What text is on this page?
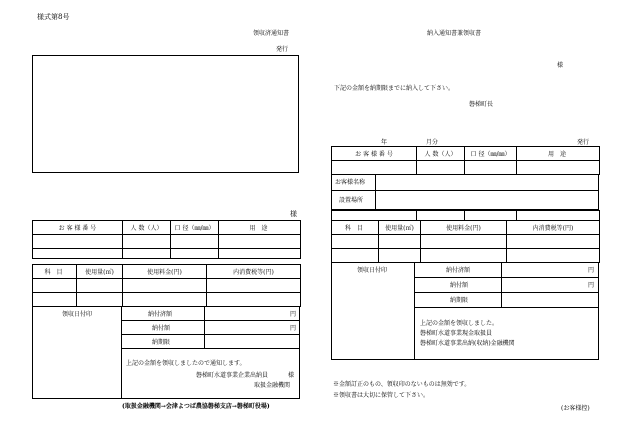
様式第8号
領収済通知書
発行
様
お 客 様 番 号	人 数（人）	口 径（㎜/㎜）	用 途

科 目	使用量(㎥)	使用料金(円)	内消費税等(円)

領収日付印	納付済額	円
納付額	円
納期限
上記の金額を領収しましたので通知します。
磐梯町水道事業企業出納員	様
取扱金融機関
(取扱金融機関→会津よつば農協磐梯支店→磐梯町役場)
納入通知書兼領収書
様
下記の金額を納期限までに納入して下さい。
磐梯町長
年	月分	発行
お 客 様 番 号	人 数（人）	口 径（㎜/㎜）	用 途

お客様名称
設置場所

科 目	使用量(㎥)	使用料金(円)	内消費税等(円)

領収日付印	納付済額	円
納付額	円
納期限
上記の金額を領収しました。
磐梯町水道事業現金取扱員
磐梯町水道事業出納(収納)金融機関
※金額訂正のもの、領収印のないものは無効です。
※領収書は大切に保管して下さい。
(お客様控)
